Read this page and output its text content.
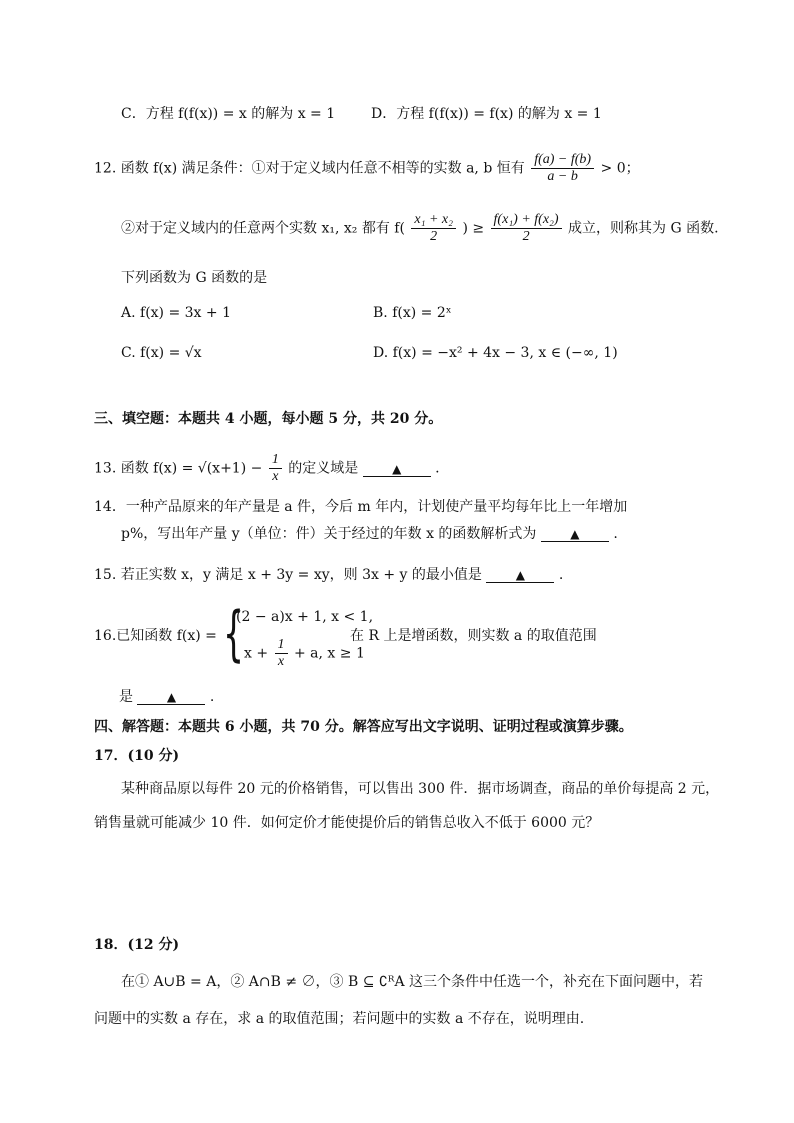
C．方程 f(f(x)) = x 的解为 x = 1	D．方程 f(f(x)) = f(x) 的解为 x = 1
12. 函数 f(x) 满足条件：①对于定义域内任意不相等的实数 a, b 恒有 $\frac{f(a) - f(b)}{a - b} > 0$；
②对于定义域内的任意两个实数 x₁, x₂ 都有 $f( \frac{\text{x₁ + x₂}}{2}$ ) ≥ $\frac{\text{f(x₁) + f(x₂)}}{2}$ 成立，则称其为 G 函数.
下列函数为 G 函数的是
A. f(x) = 3x + 1	B. f(x) = 2ˣ
C. f(x) = √x	D. f(x) = −x² + 4x − 3, x ∈ (−∞, 1)
三、填空题：本题共 4 小题，每小题 5 分，共 20 分。
13. 函数 $f(x) = √(x+1) - \frac{1}{x}$ 的定义域是	▲ .
14．一种产品原来的年产量是 a 件，今后 m 年内，计划使产量平均每年比上一年增加
p%，写出年产量 y（单位：件）关于经过的年数 x 的函数解析式为	▲ .
15. 若正实数 x，y 满足 x + 3y = xy，则 3x + y 的最小值是	▲ .
16.已知函数 f(x) = {
(2 − a)x + 1, x < 1,
$x + \frac{1}{x} + a$, x ≥ 1
在 R 上是增函数，则实数 a 的取值范围
是	▲ .
四、解答题：本题共 6 小题，共 70 分。解答应写出文字说明、证明过程或演算步骤。
17．(10 分)
某种商品原以每件 20 元的价格销售，可以售出 300 件．据市场调查，商品的单价每提高 2 元，
销售量就可能减少 10 件．如何定价才能使提价后的销售总收入不低于 6000 元？
18．(12 分)
在① A∪B = A，② A∩B ≠ ∅，③ B ⊆ ∁ᴿA 这三个条件中任选一个，补充在下面问题中，若
问题中的实数 a 存在，求 a 的取值范围；若问题中的实数 a 不存在，说明理由.
